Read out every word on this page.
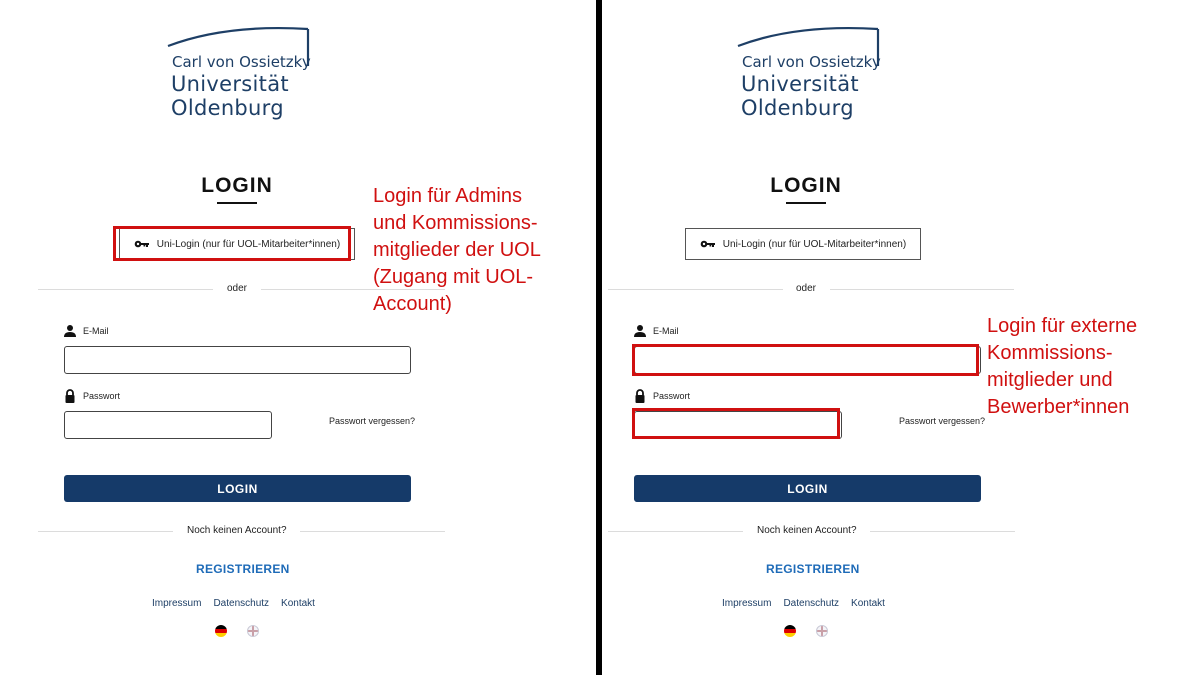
Carl von Ossietzky
Universität
Oldenburg
LOGIN
Uni-Login (nur für UOL-Mitarbeiter*innen)
oder
E-Mail
Passwort
Passwort vergessen?
LOGIN
Noch keinen Account?
REGISTRIEREN
Impressum Datenschutz Kontakt
Carl von Ossietzky
Universität
Oldenburg
LOGIN
Uni-Login (nur für UOL-Mitarbeiter*innen)
oder
E-Mail
Passwort
Passwort vergessen?
LOGIN
Noch keinen Account?
REGISTRIEREN
Impressum Datenschutz Kontakt
Login für Admins
und Kommissions-
mitglieder der UOL
(Zugang mit UOL-
Account)
Login für externe
Kommissions-
mitglieder und
Bewerber*innen
